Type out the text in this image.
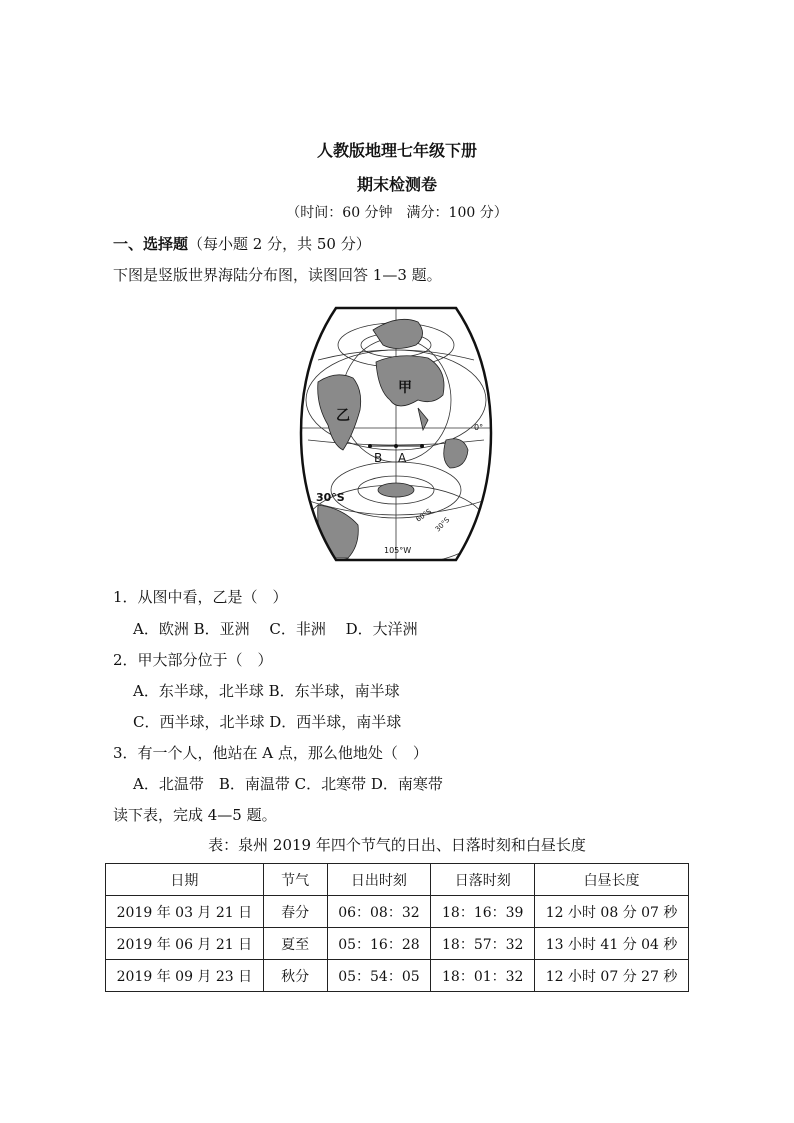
人教版地理七年级下册
期末检测卷
（时间：60 分钟　满分：100 分）
一、选择题（每小题 2 分，共 50 分）
下图是竖版世界海陆分布图，读图回答 1—3 题。
甲
乙
B A
30°S
0°
60°S
30°S
105°W
1．从图中看，乙是（　）
A．欧洲 B．亚洲　 C．非洲　 D．大洋洲
2．甲大部分位于（　）
A．东半球，北半球 B．东半球，南半球
C．西半球，北半球 D．西半球，南半球
3．有一个人，他站在 A 点，那么他地处（　）
A．北温带　B．南温带 C．北寒带 D．南寒带
读下表，完成 4—5 题。
表：泉州 2019 年四个节气的日出、日落时刻和白昼长度
日期	节气	日出时刻	日落时刻	白昼长度
2019 年 03 月 21 日	春分	06：08：32	18：16：39	12 小时 08 分 07 秒
2019 年 06 月 21 日	夏至	05：16：28	18：57：32	13 小时 41 分 04 秒
2019 年 09 月 23 日	秋分	05：54：05	18：01：32	12 小时 07 分 27 秒
